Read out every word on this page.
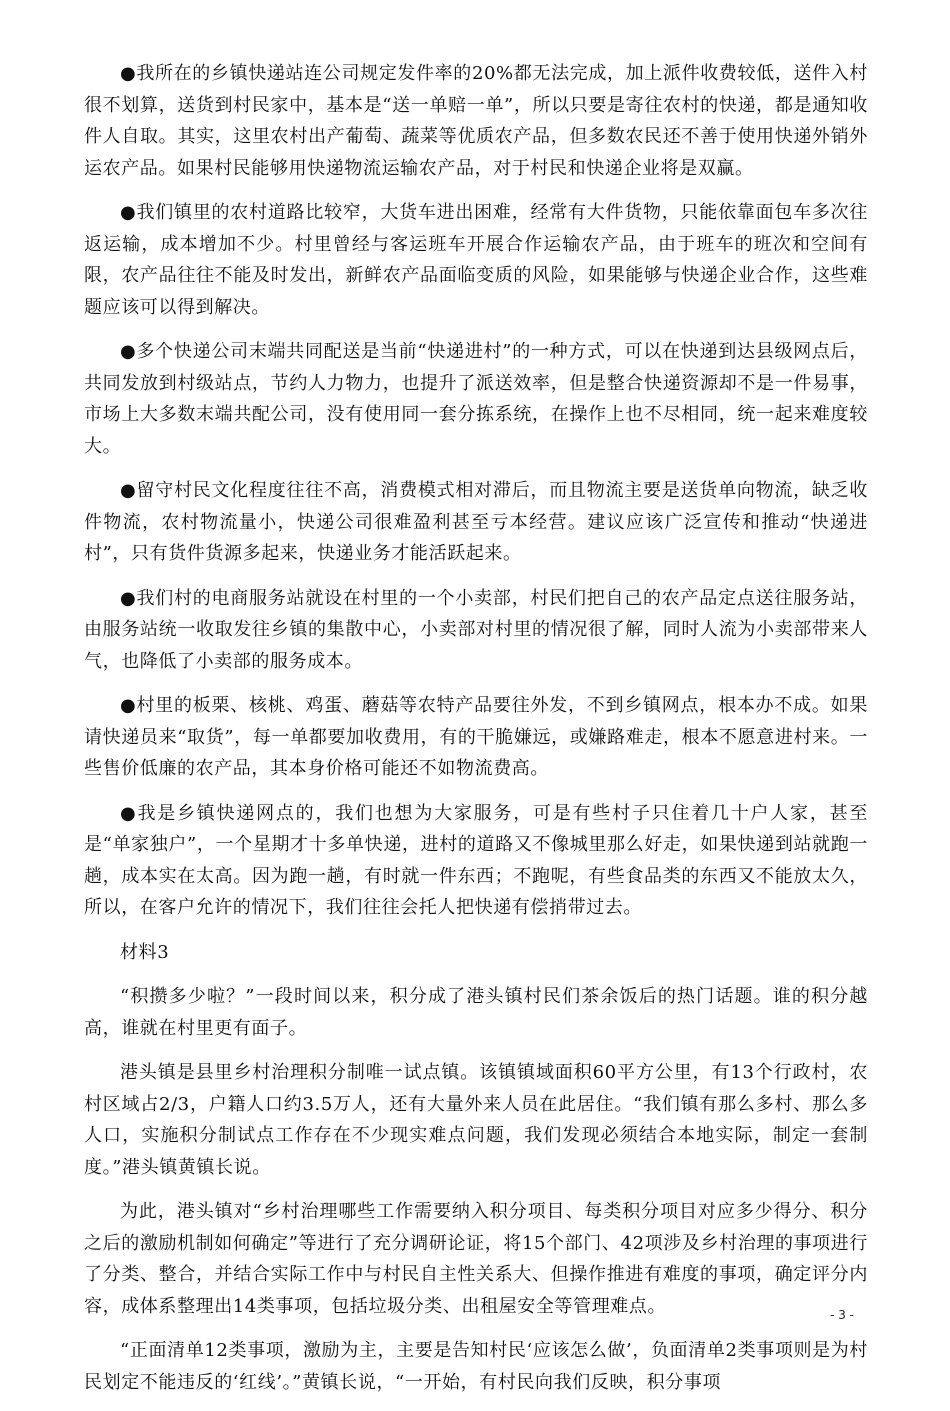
●我所在的乡镇快递站连公司规定发件率的20%都无法完成，加上派件收费较低，送件入村很不划算，送货到村民家中，基本是“送一单赔一单”，所以只要是寄往农村的快递，都是通知收件人自取。其实，这里农村出产葡萄、蔬菜等优质农产品，但多数农民还不善于使用快递外销外运农产品。如果村民能够用快递物流运输农产品，对于村民和快递企业将是双赢。

●我们镇里的农村道路比较窄，大货车进出困难，经常有大件货物，只能依靠面包车多次往返运输，成本增加不少。村里曾经与客运班车开展合作运输农产品，由于班车的班次和空间有限，农产品往往不能及时发出，新鲜农产品面临变质的风险，如果能够与快递企业合作，这些难题应该可以得到解决。

●多个快递公司末端共同配送是当前“快递进村”的一种方式，可以在快递到达县级网点后，共同发放到村级站点，节约人力物力，也提升了派送效率，但是整合快递资源却不是一件易事，市场上大多数末端共配公司，没有使用同一套分拣系统，在操作上也不尽相同，统一起来难度较大。

●留守村民文化程度往往不高，消费模式相对滞后，而且物流主要是送货单向物流，缺乏收件物流，农村物流量小，快递公司很难盈利甚至亏本经营。建议应该广泛宣传和推动“快递进村”，只有货件货源多起来，快递业务才能活跃起来。

●我们村的电商服务站就设在村里的一个小卖部，村民们把自己的农产品定点送往服务站，由服务站统一收取发往乡镇的集散中心，小卖部对村里的情况很了解，同时人流为小卖部带来人气，也降低了小卖部的服务成本。

●村里的板栗、核桃、鸡蛋、蘑菇等农特产品要往外发，不到乡镇网点，根本办不成。如果请快递员来“取货”，每一单都要加收费用，有的干脆嫌远，或嫌路难走，根本不愿意进村来。一些售价低廉的农产品，其本身价格可能还不如物流费高。

●我是乡镇快递网点的，我们也想为大家服务，可是有些村子只住着几十户人家，甚至是“单家独户”，一个星期才十多单快递，进村的道路又不像城里那么好走，如果快递到站就跑一趟，成本实在太高。因为跑一趟，有时就一件东西；不跑呢，有些食品类的东西又不能放太久，所以，在客户允许的情况下，我们往往会托人把快递有偿捎带过去。

材料3

“积攒多少啦？”一段时间以来，积分成了港头镇村民们茶余饭后的热门话题。谁的积分越高，谁就在村里更有面子。

港头镇是县里乡村治理积分制唯一试点镇。该镇镇域面积60平方公里，有13个行政村，农村区域占2/3，户籍人口约3.5万人，还有大量外来人员在此居住。“我们镇有那么多村、那么多人口，实施积分制试点工作存在不少现实难点问题，我们发现必须结合本地实际，制定一套制度。”港头镇黄镇长说。

为此，港头镇对“乡村治理哪些工作需要纳入积分项目、每类积分项目对应多少得分、积分之后的激励机制如何确定”等进行了充分调研论证，将15个部门、42项涉及乡村治理的事项进行了分类、整合，并结合实际工作中与村民自主性关系大、但操作推进有难度的事项，确定评分内容，成体系整理出14类事项，包括垃圾分类、出租屋安全等管理难点。

“正面清单12类事项，激励为主，主要是告知村民‘应该怎么做’，负面清单2类事项则是为村民划定不能违反的‘红线’。”黄镇长说，“一开始，有村民向我们反映，积分事项

- 3 -
